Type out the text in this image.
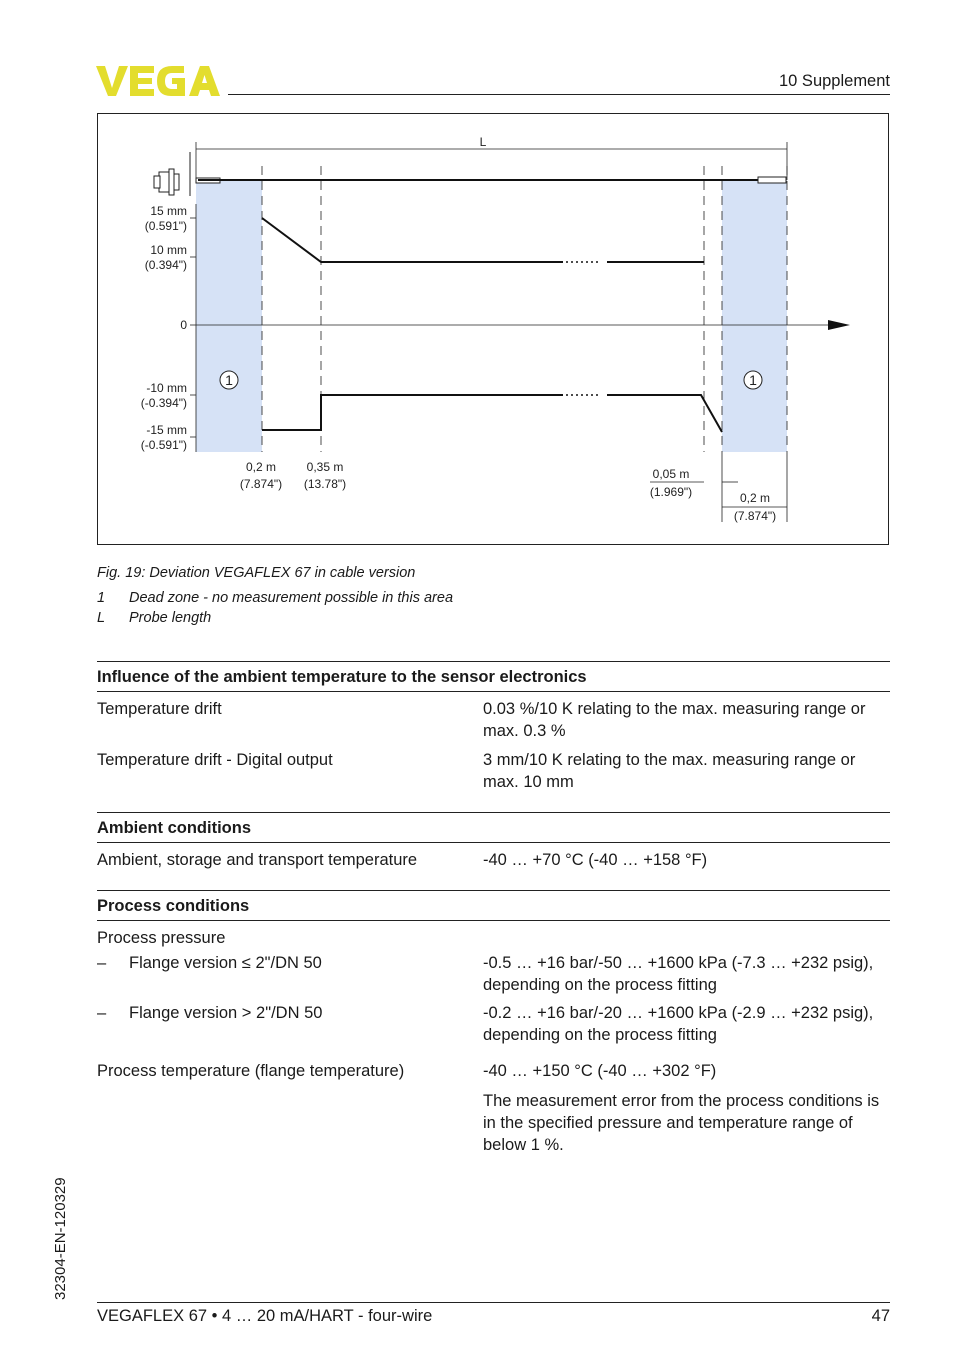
10 Supplement
L
15 mm
(0.591")
10 mm
(0.394")
0
-10 mm
(-0.394")
-15 mm
(-0.591")
1	1
0,2 m
(7.874")
0,35 m
(13.78")
0,05 m
(1.969")	0,2 m
(7.874")
Fig. 19: Deviation VEGAFLEX 67 in cable version
1	Dead zone - no measurement possible in this area
L	Probe length
Influence of the ambient temperature to the sensor electronics
Temperature drift	0.03 %/10 K relating to the max. measuring range or max. 0.3 %
Temperature drift - Digital output	3 mm/10 K relating to the max. measuring range or max. 10 mm
Ambient conditions
Ambient, storage and transport temperature	-40 … +70 °C (-40 … +158 °F)
Process conditions
Process pressure
– Flange version ≤ 2"/DN 50	-0.5 … +16 bar/-50 … +1600 kPa (-7.3 … +232 psig), depending on the process fitting
– Flange version > 2"/DN 50	-0.2 … +16 bar/-20 … +1600 kPa (-2.9 … +232 psig), depending on the process fitting
Process temperature (flange temperature)	-40 … +150 °C (-40 … +302 °F)
The measurement error from the process conditions is in the specified pressure and temperature range of below 1 %.
32304-EN-120329
VEGAFLEX 67 • 4 … 20 mA/HART - four-wire	47
